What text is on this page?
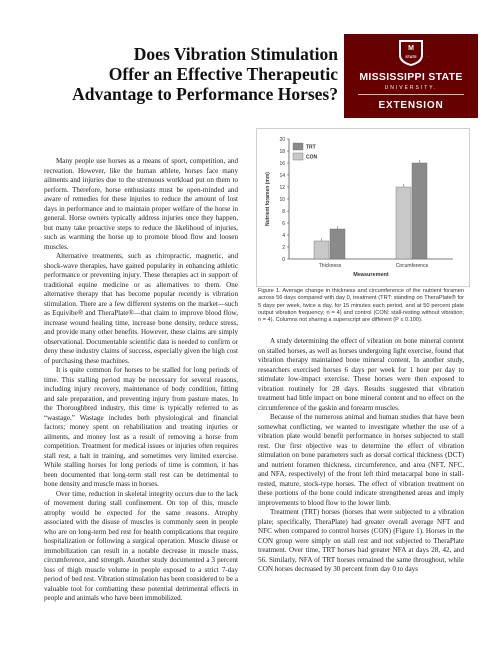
Does Vibration Stimulation
Offer an Effective Therapeutic
Advantage to Performance Horses?
M
STATE
MISSISSIPPI STATE
UNIVERSITY.
EXTENSION

Many people use horses as a means of sport, competition, and recreation. However, like the human athlete, horses face many ailments and injuries due to the strenuous workload put on them to perform. Therefore, horse enthusiasts must be open-minded and aware of remedies for these injuries to reduce the amount of lost days in performance and to maintain proper welfare of the horse in general. Horse owners typically address injuries once they happen, but many take proactive steps to reduce the likelihood of injuries, such as warming the horse up to promote blood flow and loosen muscles.

Alternative treatments, such as chiropractic, magnetic, and shock-wave therapies, have gained popularity in enhancing athletic performance or preventing injury. These therapies act in support of traditional equine medicine or as alternatives to them. One alternative therapy that has become popular recently is vibration stimulation. There are a few different systems on the market—such as Equivibe® and TheraPlate®—that claim to improve blood flow, increase wound healing time, increase bone density, reduce stress, and provide many other benefits. However, these claims are simply observational. Documentable scientific data is needed to confirm or deny these industry claims of success, especially given the high cost of purchasing these machines.

It is quite common for horses to be stalled for long periods of time. This stalling period may be necessary for several reasons, including injury recovery, maintenance of body condition, fitting and sale preparation, and preventing injury from pasture mates. In the Thoroughbred industry, this time is typically referred to as “wastage.” Wastage includes both physiological and financial factors; money spent on rehabilitation and treating injuries or ailments, and money lost as a result of removing a horse from competition. Treatment for medical issues or injuries often requires stall rest, a halt in training, and sometimes very limited exercise. While stalling horses for long periods of time is common, it has been documented that long-term stall rest can be detrimental to bone density and muscle mass in horses.

Over time, reduction in skeletal integrity occurs due to the lack of movement during stall confinement. On top of this, muscle atrophy would be expected for the same reasons. Atrophy associated with the disuse of muscles is commonly seen in people who are on long-term bed rest for health complications that require hospitalization or following a surgical operation. Muscle disuse or immobilization can result in a notable decrease in muscle mass, circumference, and strength. Another study documented a 3 percent loss of thigh muscle volume in people exposed to a strict 7-day period of bed rest. Vibration stimulation has been considered to be a valuable tool for combatting these potential detrimental effects in people and animals who have been immobilized.

0
2
4
6
8
10
12
14
16
18
20
Nutrient foramen (mm)
Measurement
Thickness	Circumference
TRT
CON
Figure 1. Average change in thickness and circumference of the nutrient foramen across 56 days compared with day 0, treatment (TRT: standing on TheraPlate® for 5 days per week, twice a day, for 15 minutes each period, and at 50 percent plate output vibration frequency; n = 4) and control (CON: stall-resting without vibration; n = 4). Columns not sharing a superscript are different (P ≤ 0.100).

A study determining the effect of vibration on bone mineral content on stalled horses, as well as horses undergoing light exercise, found that vibration therapy maintained bone mineral content. In another study, researchers exercised horses 6 days per week for 1 hour per day to stimulate low-impact exercise. These horses were then exposed to vibration routinely for 28 days. Results suggested that vibration treatment had little impact on bone mineral content and no effect on the circumference of the gaskin and forearm muscles.

Because of the numerous animal and human studies that have been somewhat conflicting, we wanted to investigate whether the use of a vibration plate would benefit performance in horses subjected to stall rest. Our first objective was to determine the effect of vibration stimulation on bone parameters such as dorsal cortical thickness (DCT) and nutrient foramen thickness, circumference, and area (NFT, NFC, and NFA, respectively) of the front left third metacarpal bone in stall-rested, mature, stock-type horses. The effect of vibration treatment on these portions of the bone could indicate strengthened areas and imply improvements to blood flow to the lower limb.

Treatment (TRT) horses (horses that were subjected to a vibration plate; specifically, TheraPlate) had greater overall average NFT and NFC when compared to control horses (CON) (Figure 1). Horses in the CON group were simply on stall rest and not subjected to TheraPlate treatment. Over time, TRT horses had greater NFA at days 28, 42, and 56. Similarly, NFA of TRT horses remained the same throughout, while CON horses decreased by 30 percent from day 0 to days
